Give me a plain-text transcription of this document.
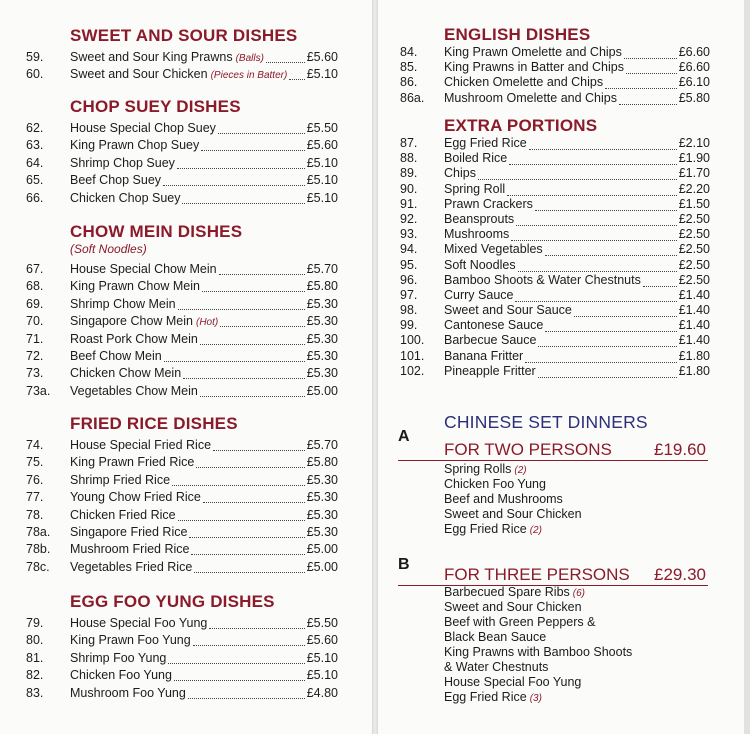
SWEET AND SOUR DISHES
59.	Sweet and Sour King Prawns (Balls)	£5.60
60.	Sweet and Sour Chicken (Pieces in Batter) £5.10
CHOP SUEY DISHES
62.	House Special Chop Suey	£5.50
63.	King Prawn Chop Suey	£5.60
64.	Shrimp Chop Suey	£5.10
65.	Beef Chop Suey	£5.10
66.	Chicken Chop Suey	£5.10
CHOW MEIN DISHES
(Soft Noodles)
67.	House Special Chow Mein	£5.70
68.	King Prawn Chow Mein	£5.80
69.	Shrimp Chow Mein	£5.30
70.	Singapore Chow Mein (Hot)	£5.30
71.	Roast Pork Chow Mein	£5.30
72.	Beef Chow Mein	£5.30
73.	Chicken Chow Mein	£5.30
73a.	Vegetables Chow Mein	£5.00
FRIED RICE DISHES
74.	House Special Fried Rice	£5.70
75.	King Prawn Fried Rice	£5.80
76.	Shrimp Fried Rice	£5.30
77.	Young Chow Fried Rice	£5.30
78.	Chicken Fried Rice	£5.30
78a.	Singapore Fried Rice	£5.30
78b.	Mushroom Fried Rice	£5.00
78c.	Vegetables Fried Rice	£5.00
EGG FOO YUNG DISHES
79.	House Special Foo Yung	£5.50
80.	King Prawn Foo Yung	£5.60
81.	Shrimp Foo Yung	£5.10
82.	Chicken Foo Yung	£5.10
83.	Mushroom Foo Yung	£4.80
ENGLISH DISHES
84.	King Prawn Omelette and Chips	£6.60
85.	King Prawns in Batter and Chips	£6.60
86.	Chicken Omelette and Chips	£6.10
86a.	Mushroom Omelette and Chips	£5.80
EXTRA PORTIONS
87.	Egg Fried Rice	£2.10
88.	Boiled Rice	£1.90
89.	Chips	£1.70
90.	Spring Roll	£2.20
91.	Prawn Crackers	£1.50
92.	Beansprouts	£2.50
93.	Mushrooms	£2.50
94.	Mixed Vegetables	£2.50
95.	Soft Noodles	£2.50
96.	Bamboo Shoots & Water Chestnuts	£2.50
97.	Curry Sauce	£1.40
98.	Sweet and Sour Sauce	£1.40
99.	Cantonese Sauce	£1.40
100.	Barbecue Sauce	£1.40
101.	Banana Fritter	£1.80
102.	Pineapple Fritter	£1.80
CHINESE SET DINNERS
A
FOR TWO PERSONS £19.60
Spring Rolls (2)
Chicken Foo Yung
Beef and Mushrooms
Sweet and Sour Chicken
Egg Fried Rice (2)
B
FOR THREE PERSONS £29.30
Barbecued Spare Ribs (6)
Sweet and Sour Chicken
Beef with Green Peppers &
Black Bean Sauce
King Prawns with Bamboo Shoots
& Water Chestnuts
House Special Foo Yung
Egg Fried Rice (3)
